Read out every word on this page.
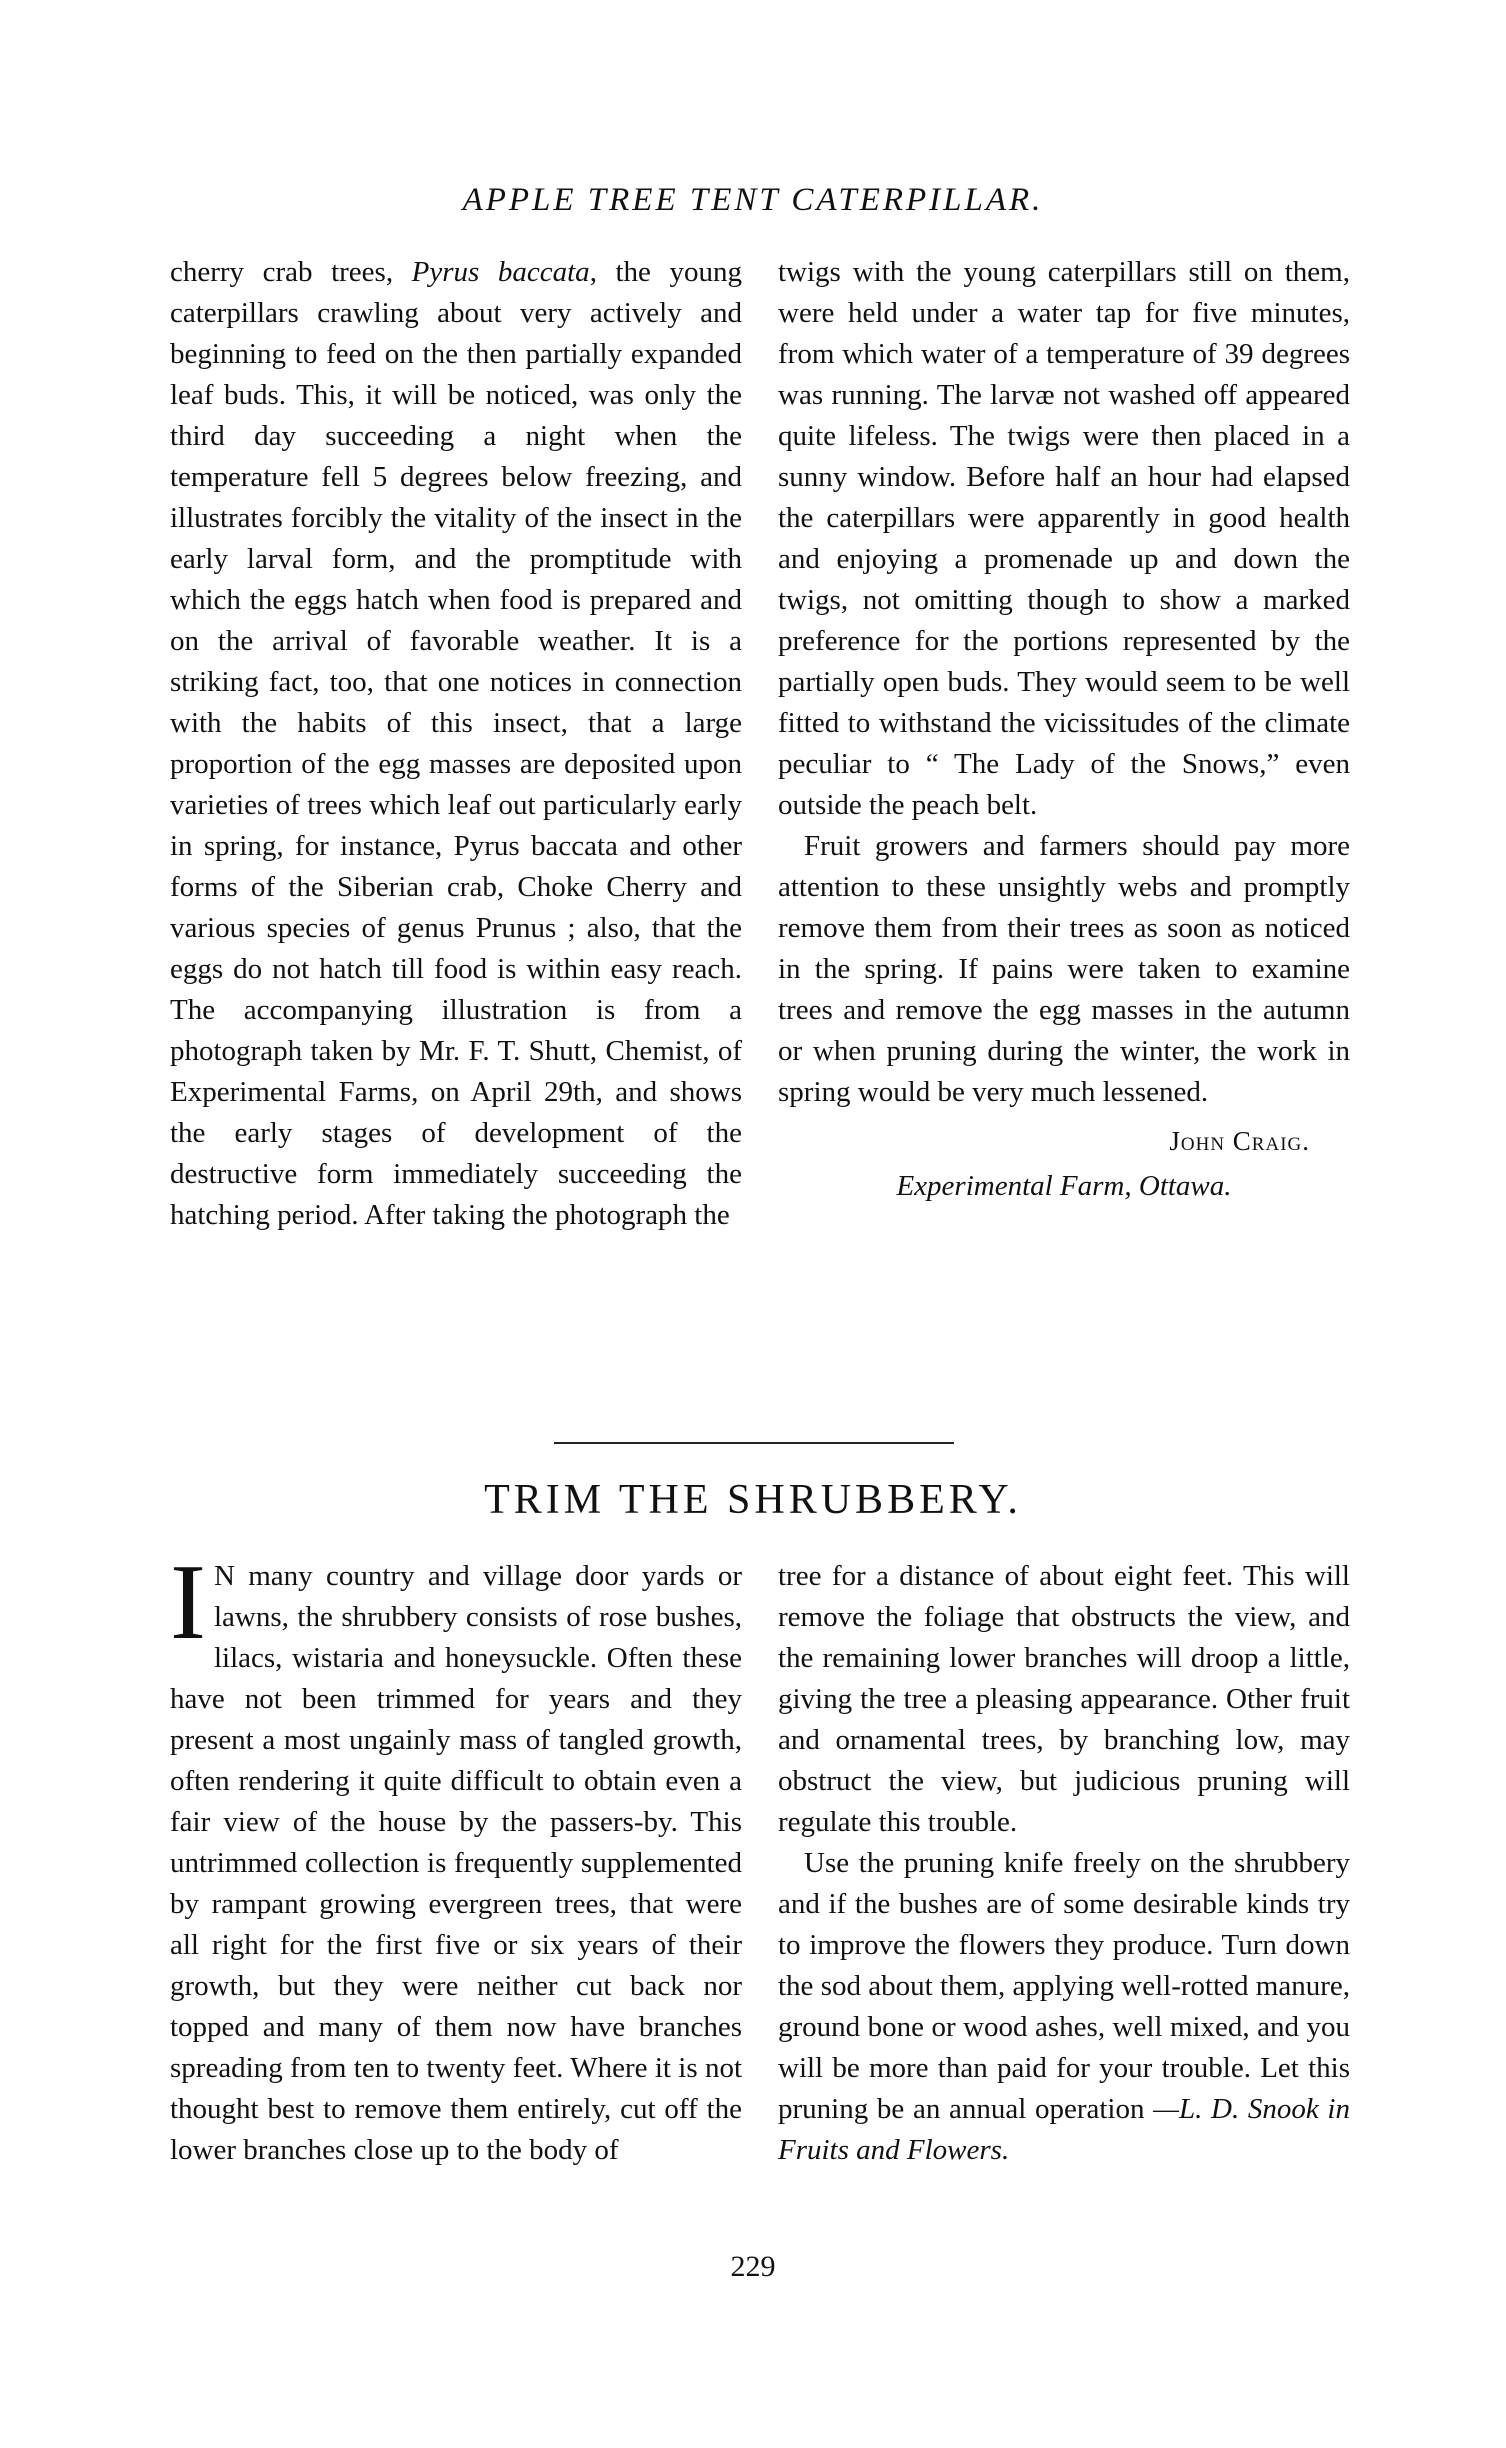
APPLE TREE TENT CATERPILLAR.

cherry crab trees, Pyrus baccata, the young caterpillars crawling about very actively and beginning to feed on the then partially expanded leaf buds. This, it will be noticed, was only the third day succeeding a night when the temperature fell 5 degrees below freezing, and illustrates forcibly the vitality of the insect in the early larval form, and the promptitude with which the eggs hatch when food is prepared and on the arrival of favorable weather. It is a striking fact, too, that one notices in connection with the habits of this insect, that a large proportion of the egg masses are deposited upon varieties of trees which leaf out particularly early in spring, for instance, Pyrus baccata and other forms of the Siberian crab, Choke Cherry and various species of genus Prunus ; also, that the eggs do not hatch till food is within easy reach. The accompanying illustration is from a photograph taken by Mr. F. T. Shutt, Chemist, of Experimental Farms, on April 29th, and shows the early stages of development of the destructive form immediately succeeding the hatching period. After taking the photograph the

twigs with the young caterpillars still on them, were held under a water tap for five minutes, from which water of a temperature of 39 degrees was running. The larvæ not washed off appeared quite lifeless. The twigs were then placed in a sunny window. Before half an hour had elapsed the caterpillars were apparently in good health and enjoying a promenade up and down the twigs, not omitting though to show a marked preference for the portions represented by the partially open buds. They would seem to be well fitted to withstand the vicissitudes of the climate peculiar to “ The Lady of the Snows,” even outside the peach belt.

Fruit growers and farmers should pay more attention to these unsightly webs and promptly remove them from their trees as soon as noticed in the spring. If pains were taken to examine trees and remove the egg masses in the autumn or when pruning during the winter, the work in spring would be very much lessened.

John Craig.
Experimental Farm, Ottawa.
TRIM THE SHRUBBERY.
I N many country and village door yards or lawns, the shrubbery consists of rose bushes, lilacs, wistaria and honeysuckle. Often these have not been trimmed for years and they present a most ungainly mass of tangled growth, often rendering it quite difficult to obtain even a fair view of the house by the passers-by. This untrimmed collection is frequently supplemented by rampant growing evergreen trees, that were all right for the first five or six years of their growth, but they were neither cut back nor topped and many of them now have branches spreading from ten to twenty feet. Where it is not thought best to remove them entirely, cut off the lower branches close up to the body of

tree for a distance of about eight feet. This will remove the foliage that obstructs the view, and the remaining lower branches will droop a little, giving the tree a pleasing appearance. Other fruit and ornamental trees, by branching low, may obstruct the view, but judicious pruning will regulate this trouble.

Use the pruning knife freely on the shrubbery and if the bushes are of some desirable kinds try to improve the flowers they produce. Turn down the sod about them, applying well-rotted manure, ground bone or wood ashes, well mixed, and you will be more than paid for your trouble. Let this pruning be an annual operation —L. D. Snook in Fruits and Flowers.

229
